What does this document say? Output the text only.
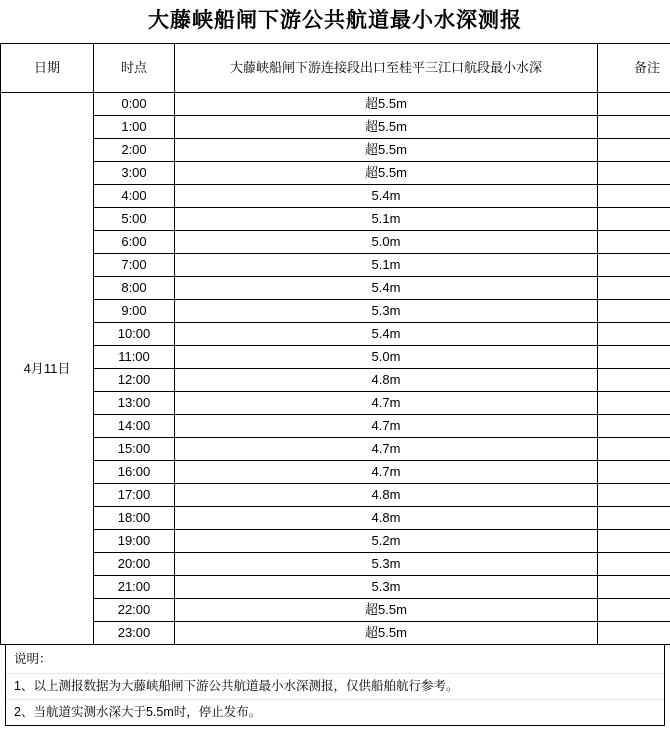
大藤峡船闸下游公共航道最小水深测报
日期	时点	大藤峡船闸下游连接段出口至桂平三江口航段最小水深	备注
4月11日	0:00	超5.5m	
	1:00	超5.5m	
	2:00	超5.5m	
	3:00	超5.5m	
	4:00	5.4m	
	5:00	5.1m	
	6:00	5.0m	
	7:00	5.1m	
	8:00	5.4m	
	9:00	5.3m	
	10:00	5.4m	
	11:00	5.0m	
	12:00	4.8m	
	13:00	4.7m	
	14:00	4.7m	
	15:00	4.7m	
	16:00	4.7m	
	17:00	4.8m	
	18:00	4.8m	
	19:00	5.2m	
	20:00	5.3m	
	21:00	5.3m	
	22:00	超5.5m	
	23:00	超5.5m	
说明：
1、以上测报数据为大藤峡船闸下游公共航道最小水深测报，仅供船舶航行参考。
2、当航道实测水深大于5.5m时，停止发布。
